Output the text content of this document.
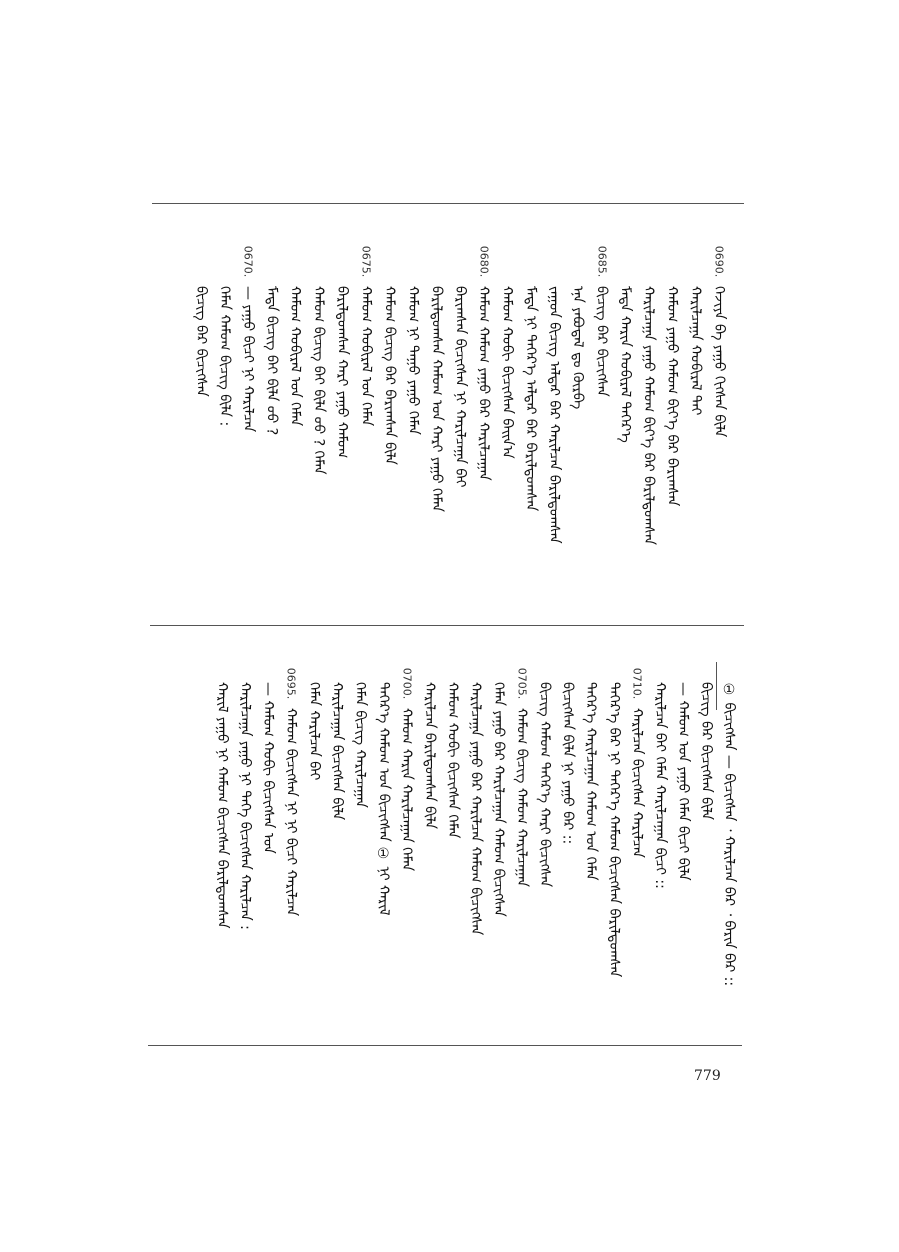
0690.
ᠬᠡᠵᠢᠶᠡ ᠪᠡ ᠶᠠᠭᠤ ᠬᠢᠭᠰᠡᠨ ᠪᠢᠯᠡ
ᠬᠠᠷᠢᠯᠴᠠᠭᠠ ᠬᠤᠪᠢᠷᠠᠯ ᠲᠠᠢ
ᠬᠠᠮᠤᠭ ᠶᠠᠭᠤ ᠬᠠᠮᠤᠭ ᠪᠢᠶ᠎ᠡ ᠪᠡᠷ ᠪᠠᠷᠢᠭᠰᠠᠨ
ᠬᠠᠷᠢᠯᠴᠠᠭᠠ ᠶᠠᠭᠤ ᠬᠠᠮᠤᠭ ᠪᠢᠶ᠎ᠡ ᠪᠡᠷ ᠪᠠᠷᠢᠯᠳᠤᠭᠰᠠᠨ
ᠮᠡᠳᠡ ᠬᠠᠷᠢᠨ ᠬᠤᠪᠢᠷᠠᠯ ᠳᠡᠭᠡᠷ᠎ᠡ
0685.
ᠪᠢᠴᠢᠭ ᠪᠡᠷ ᠪᠢᠴᠢᠭᠰᠡᠨ
ᠡᠨᠡ ᠶᠠᠪᠤᠳᠠᠯ ᠳᠤ ᠬᠦᠷᠪᠡ
ᠵᠠᠭᠤᠨ ᠪᠢᠴᠢᠭ ᠠᠯᠳᠠᠷ ᠪᠡᠷ ᠬᠠᠷᠢᠯᠴᠠᠨ ᠪᠠᠷᠢᠯᠳᠤᠭᠰᠠᠨ
ᠮᠡᠳᠡ ᠨᠢ ᠳᠡᠭᠡᠷ᠎ᠡ ᠠᠯᠳᠠᠷ ᠪᠡᠷ ᠪᠠᠷᠢᠯᠳᠤᠭᠰᠠᠨ
ᠬᠠᠮᠤᠭ ᠬᠤᠪᠢ ᠪᠢᠴᠢᠭᠰᠡᠨ ᠪᠠᠢᠨ᠎ᠠ
0680.
ᠬᠠᠮᠤᠭ ᠬᠠᠮᠤᠭ ᠶᠠᠭᠤ ᠪᠡᠷ ᠬᠠᠷᠢᠯᠴᠠᠭᠠᠨ
ᠪᠠᠷᠢᠭᠰᠠᠨ ᠪᠢᠴᠢᠭᠰᠡᠨ ᠨᠢ ᠬᠠᠷᠢᠯᠴᠠᠭᠠ ᠪᠠᠢ
ᠪᠠᠷᠢᠯᠳᠤᠭᠰᠠᠨ ᠬᠠᠮᠤᠭ ᠤᠨ ᠬᠠᠷᠢ ᠶᠠᠭᠤ ᠬᠡᠮᠡᠨ
ᠬᠠᠮᠤᠭ ᠨᠢ ᠳᠠᠭᠤ ᠶᠠᠭᠤ ᠬᠡᠮᠡᠨ
ᠬᠠᠮᠤᠭ ᠪᠢᠴᠢᠭ ᠪᠡᠷ ᠪᠠᠷᠢᠭᠰᠠᠨ ᠪᠢᠯᠡ
0675.
ᠬᠠᠮᠤᠭ ᠬᠤᠪᠢᠷᠠᠯ ᠤᠨ ᠬᠡᠮᠡᠨ
ᠪᠠᠷᠢᠯᠳᠤᠭᠰᠠᠨ ᠬᠠᠷᠢ ᠶᠠᠭᠤ ᠬᠠᠮᠤᠭ
ᠬᠠᠮᠤᠭ ᠪᠢᠴᠢᠭ ᠪᠠᠢ ᠪᠢᠯᠡ ᠦᠦ ? ᠬᠡᠮᠡᠨ
ᠬᠠᠮᠤᠭ ᠬᠤᠪᠢᠷᠠᠯ ᠤᠨ ᠬᠡᠮᠡᠨ
ᠮᠡᠳᠡ ᠪᠢᠴᠢᠭ ᠪᠠᠢ ᠪᠢᠯᠡ ᠦᠦ ?
0670.
— ᠶᠠᠭᠤ ᠪᠢᠴᠢ ᠨᠢ ᠬᠠᠷᠢᠯᠴᠠᠨ
ᠬᠡᠮᠡᠨ ᠬᠠᠮᠤᠭ ᠪᠢᠴᠢᠭ ᠪᠢᠯᠡ :
ᠪᠢᠴᠢᠭ ᠪᠡᠷ ᠪᠢᠴᠢᠭᠰᠡᠨ
① ᠪᠢᠴᠢᠭᠰᠡᠨ — ᠪᠢᠴᠢᠭᠰᠡᠨ ᠂ ᠬᠠᠷᠢᠯᠴᠠᠨ ᠪᠡᠷ ᠂ ᠪᠠᠷᠢᠨ ᠪᠡᠷ ::
ᠪᠢᠴᠢᠭ ᠪᠡᠷ ᠪᠢᠴᠢᠭᠰᠡᠨ ᠪᠢᠯᠡ
— ᠬᠠᠮᠤᠭ ᠤᠨ ᠶᠠᠭᠤ ᠬᠡᠮᠡᠨ ᠪᠢᠴᠢ ᠪᠢᠯᠡ
ᠬᠠᠷᠢᠯᠴᠠᠨ ᠪᠠᠢ ᠬᠡᠮᠡᠨ ᠬᠠᠷᠢᠯᠴᠠᠭᠠᠨ ᠪᠢᠴᠢ ::
0710.
ᠬᠠᠷᠢᠯᠴᠠᠨ ᠪᠢᠴᠢᠭᠰᠡᠨ ᠬᠠᠷᠢᠯᠴᠠᠨ
ᠳᠡᠭᠡᠷ᠎ᠡ ᠪᠡᠷ ᠨᠢ ᠳᠡᠭᠡᠷ᠎ᠡ ᠬᠠᠮᠤᠭ ᠪᠢᠴᠢᠭᠰᠡᠨ ᠪᠠᠷᠢᠯᠳᠤᠭᠰᠠᠨ
ᠳᠡᠭᠡᠷ᠎ᠡ ᠬᠠᠷᠢᠯᠴᠠᠭᠠᠨ ᠬᠠᠮᠤᠭ ᠤᠨ ᠬᠡᠮᠡᠨ
ᠪᠢᠴᠢᠭᠰᠡᠨ ᠪᠢᠯᠡ ᠨᠢ ᠶᠠᠭᠤ ᠪᠡᠷ ::
ᠪᠢᠴᠢᠭ ᠬᠠᠮᠤᠭ ᠳᠡᠭᠡᠷ᠎ᠡ ᠬᠠᠷᠢ ᠪᠢᠴᠢᠭᠰᠡᠨ
0705.
ᠬᠠᠮᠤᠭ ᠪᠢᠴᠢᠭ ᠬᠠᠮᠤᠭ ᠬᠠᠷᠢᠯᠴᠠᠭᠠᠨ
ᠬᠡᠮᠡᠨ ᠶᠠᠭᠤ ᠪᠡᠷ ᠬᠠᠷᠢᠯᠴᠠᠭᠠᠨ ᠬᠠᠮᠤᠭ ᠪᠢᠴᠢᠭᠰᠡᠨ
ᠬᠠᠷᠢᠯᠴᠠᠭᠠ ᠶᠠᠭᠤ ᠪᠡᠷ ᠬᠠᠷᠢᠯᠴᠠᠨ ᠬᠠᠮᠤᠭ ᠪᠢᠴᠢᠭᠰᠡᠨ
ᠬᠠᠮᠤᠭ ᠬᠤᠪᠢ ᠪᠢᠴᠢᠭᠰᠡᠨ ᠬᠡᠮᠡᠨ
ᠬᠠᠷᠢᠯᠴᠠᠨ ᠪᠠᠷᠢᠯᠳᠤᠭᠰᠠᠨ ᠪᠢᠯᠡ
0700.
ᠬᠠᠮᠤᠭ ᠬᠠᠷᠢᠨ ᠬᠠᠷᠢᠯᠴᠠᠭᠠᠨ ᠬᠡᠮᠡᠨ
ᠳᠡᠭᠡᠷ᠎ᠡ ᠬᠠᠮᠤᠭ ᠤᠨ ᠪᠢᠴᠢᠭᠰᠡᠨ ① ᠨᠢ ᠬᠠᠷᠢᠯ
ᠬᠡᠮᠡᠨ ᠪᠢᠴᠢᠭ ᠬᠠᠷᠢᠯᠴᠠᠭᠠᠨ
ᠬᠠᠷᠢᠯᠴᠠᠭᠠᠨ ᠪᠢᠴᠢᠭᠰᠡᠨ ᠪᠢᠯᠡ
ᠬᠡᠮᠡᠨ ᠬᠠᠷᠢᠯᠴᠠᠨ ᠪᠠᠢ
0695.
ᠬᠠᠮᠤᠭ ᠪᠢᠴᠢᠭᠰᠡᠨ ᠨᠢ ᠨᠢ ᠪᠢᠴᠢ ᠬᠠᠷᠢᠯᠴᠠᠨ
— ᠬᠠᠮᠤᠭ ᠬᠤᠪᠢ ᠪᠢᠴᠢᠭᠰᠡᠨ ᠤᠨ
ᠬᠠᠷᠢᠯᠴᠠᠭᠠ ᠶᠠᠭᠤ ᠨᠢ ᠳᠡᠭᠡ ᠪᠢᠴᠢᠭᠰᠡᠨ ᠬᠠᠷᠢᠯᠴᠠᠨ :
ᠬᠠᠷᠢᠯ ᠶᠠᠭᠤ ᠨᠢ ᠬᠠᠮᠤᠭ ᠪᠢᠴᠢᠭᠰᠡᠨ ᠪᠠᠷᠢᠯᠳᠤᠭᠰᠠᠨ
779
